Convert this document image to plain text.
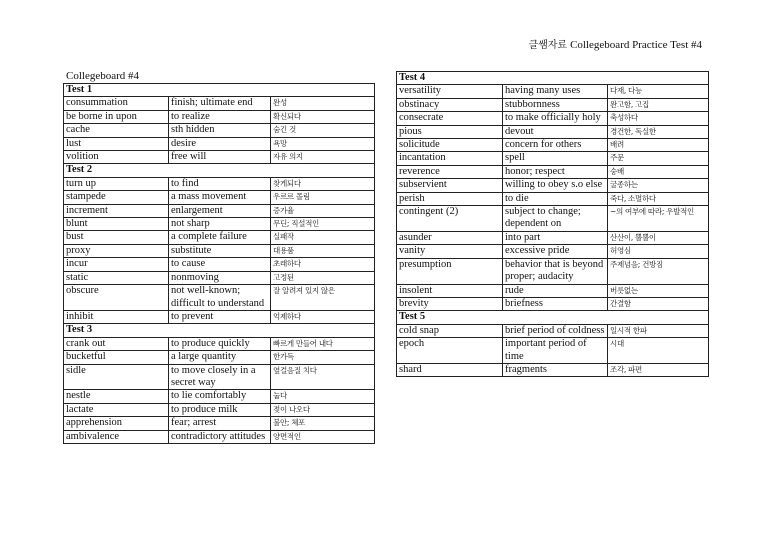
클쌤자료 Collegeboard Practice Test #4
Collegeboard #4
Test 1		
consummation	finish; ultimate end	완성
be borne in upon	to realize	확신되다
cache	sth hidden	숨긴 것
lust	desire	욕망
volition	free will	자유 의지
Test 2		
turn up	to find	찾게되다
stampede	a mass movement	우르르 몰림
increment	enlargement	증가율
blunt	not sharp	무딘; 직설적인
bust	a complete failure	실패작
proxy	substitute	대용품
incur	to cause	초래하다
static	nonmoving	고정된
obscure	not well-known; difficult to understand	잘 알려져 있지 않은
inhibit	to prevent	억제하다
Test 3		
crank out	to produce quickly	빠르게 만들어 내다
bucketful	a large quantity	한가득
sidle	to move closely in a secret way	옆걸음질 치다
nestle	to lie comfortably	눕다
lactate	to produce milk	젖이 나오다
apprehension	fear; arrest	불안; 체포
ambivalence	contradictory attitudes	양면적인
Test 4		
versatility	having many uses	다재, 다능
obstinacy	stubbornness	완고함, 고집
consecrate	to make officially holy	축성하다
pious	devout	경건한, 독실한
solicitude	concern for others	배려
incantation	spell	주문
reverence	honor; respect	숭배
subservient	willing to obey s.o else	굴종하는
perish	to die	죽다, 소멸하다
contingent (2)	subject to change; dependent on	~의 여부에 따라; 우발적인
asunder	into part	산산이, 뿔뿔이
vanity	excessive pride	허영심
presumption	behavior that is beyond proper; audacity	주제넘음; 건방짐
insolent	rude	버릇없는
brevity	briefness	간결함
Test 5		
cold snap	brief period of coldness	일시적 한파
epoch	important period of time	시대
shard	fragments	조각, 파편
